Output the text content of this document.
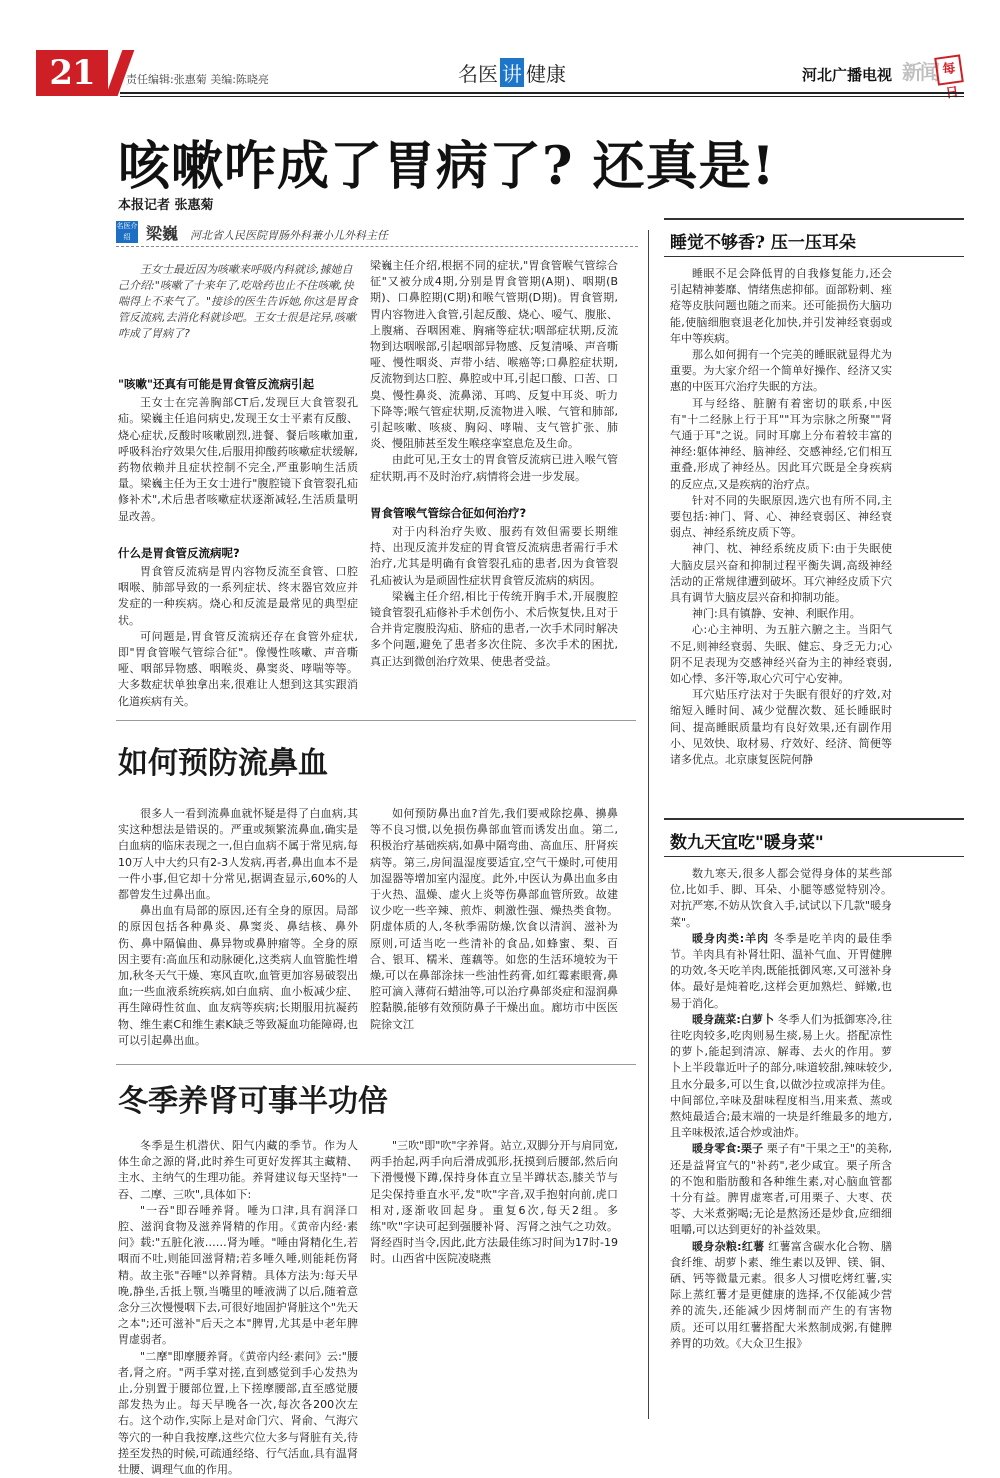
21	责任编辑:张惠菊 美编:陈晓亮	名医 讲 健康	河北广播电视 新闻 每日
咳嗽咋成了胃病了? 还真是!
本报记者 张惠菊
名医介绍 梁巍 河北省人民医院胃肠外科兼小儿外科主任
王女士最近因为咳嗽来呼吸内科就诊,據她自己介绍:"咳嗽了十来年了,吃啥药也止不住咳嗽,快喘得上不来气了。"接诊的医生告诉她,你这是胃食管反流病,去消化科就诊吧。王女士很是诧异,咳嗽咋成了胃病了?
"咳嗽"还真有可能是胃食管反流病引起

王女士在完善胸部CT后,发现巨大食管裂孔疝。梁巍主任追问病史,发现王女士平素有反酸、烧心症状,反酸时咳嗽剧烈,进餐、餐后咳嗽加重,呼吸科治疗效果欠佳,后服用抑酸药咳嗽症状缓解,药物依赖并且症状控制不完全,严重影响生活质量。梁巍主任为王女士进行"腹腔镜下食管裂孔疝修补术",术后患者咳嗽症状逐渐减轻,生活质量明显改善。

什么是胃食管反流病呢?

胃食管反流病是胃内容物反流至食管、口腔咽喉、肺部导致的一系列症状、终末器官效应并发症的一种疾病。烧心和反流是最常见的典型症状。

可问题是,胃食管反流病还存在食管外症状,即"胃食管喉气管综合征"。像慢性咳嗽、声音嘶哑、咽部异物感、咽喉炎、鼻窦炎、哮喘等等。大多数症状单独拿出来,很难让人想到这其实跟消化道疾病有关。

梁巍主任介绍,根据不同的症状,"胃食管喉气管综合征"又被分成4期,分别是胃食管期(A期)、咽期(B期)、口鼻腔期(C期)和喉气管期(D期)。胃食管期,胃内容物进入食管,引起反酸、烧心、嗳气、腹胀、上腹痛、吞咽困难、胸痛等症状;咽部症状期,反流物到达咽喉部,引起咽部异物感、反复清嗓、声音嘶哑、慢性咽炎、声带小结、喉癌等;口鼻腔症状期,反流物到达口腔、鼻腔或中耳,引起口酸、口苦、口臭、慢性鼻炎、流鼻涕、耳鸣、反复中耳炎、听力下降等;喉气管症状期,反流物进入喉、气管和肺部,引起咳嗽、咳痰、胸闷、哮喘、支气管扩张、肺炎、慢阻肺甚至发生喉痉挛窒息危及生命。

由此可见,王女士的胃食管反流病已进入喉气管症状期,再不及时治疗,病情将会进一步发展。

胃食管喉气管综合征如何治疗?

对于内科治疗失败、服药有效但需要长期维持、出现反流并发症的胃食管反流病患者需行手术治疗,尤其是明确有食管裂孔疝的患者,因为食管裂孔疝被认为是顽固性症状胃食管反流病的病因。

梁巍主任介绍,相比于传统开胸手术,开展腹腔镜食管裂孔疝修补手术创伤小、术后恢复快,且对于合并肯定腹股沟疝、脐疝的患者,一次手术同时解决多个问题,避免了患者多次住院、多次手术的困扰,真正达到微创治疗效果、使患者受益。

如何预防流鼻血

很多人一看到流鼻血就怀疑是得了白血病,其实这种想法是错误的。严重或频繁流鼻血,确实是白血病的临床表现之一,但白血病不属于常见病,每10万人中大约只有2-3人发病,再者,鼻出血本不是一件小事,但它却十分常见,据调查显示,60%的人都曾发生过鼻出血。

鼻出血有局部的原因,还有全身的原因。局部的原因包括各种鼻炎、鼻窦炎、鼻结核、鼻外伤、鼻中隔偏曲、鼻异物或鼻肿瘤等。全身的原因主要有:高血压和动脉硬化,这类病人血管脆性增加,秋冬天气干燥、寒风直吹,血管更加容易破裂出血;一些血液系统疾病,如白血病、血小板减少症、再生障碍性贫血、血友病等疾病;长期服用抗凝药物、维生素C和维生素K缺乏等致凝血功能障碍,也可以引起鼻出血。

如何预防鼻出血?首先,我们要戒除挖鼻、擤鼻等不良习惯,以免损伤鼻部血管而诱发出血。第二,积极治疗基础疾病,如鼻中隔弯曲、高血压、肝肾疾病等。第三,房间温湿度要适宜,空气干燥时,可使用加湿器等增加室内湿度。此外,中医认为鼻出血多由于火热、温燥、虚火上炎等伤鼻部血管所致。故建议少吃一些辛辣、煎炸、刺激性强、燥热类食物。阴虚体质的人,冬秋季需防燥,饮食以清润、滋补为原则,可适当吃一些清补的食品,如蜂蜜、梨、百合、银耳、糯米、莲藕等。如您的生活环境较为干燥,可以在鼻部涂抹一些油性药膏,如红霉素眼膏,鼻腔可滴入薄荷石蜡油等,可以治疗鼻部炎症和湿润鼻腔黏膜,能够有效预防鼻子干燥出血。廊坊市中医医院徐文江

冬季养肾可事半功倍

冬季是生机潜伏、阳气内藏的季节。作为人体生命之源的肾,此时养生可更好发挥其主藏精、主水、主纳气的生理功能。养肾建议每天坚持"一吞、二摩、三吹",具体如下:

"一吞"即吞唾养肾。唾为口津,具有润泽口腔、滋润食物及滋养肾精的作用。《黄帝内经·素问》载:"五脏化液……肾为唾。"唾由肾精化生,若咽而不吐,则能回滋肾精;若多唾久唾,则能耗伤肾精。故主张"吞唾"以养肾精。具体方法为:每天早晚,静坐,舌抵上颚,当嘴里的唾液满了以后,随着意念分三次慢慢咽下去,可很好地固护肾脏这个"先天之本";还可滋补"后天之本"脾胃,尤其是中老年脾胃虚弱者。

"二摩"即摩腰养肾。《黄帝内经·素问》云:"腰者,肾之府。"两手掌对搓,直到感觉到手心发热为止,分别置于腰部位置,上下搓摩腰部,直至感觉腰部发热为止。每天早晚各一次,每次各200次左右。这个动作,实际上是对命门穴、肾俞、气海穴等穴的一种自我按摩,这些穴位大多与肾脏有关,待搓至发热的时候,可疏通经络、行气活血,具有温肾壮腰、调理气血的作用。

"三吹"即"吹"字养肾。站立,双脚分开与肩同宽,两手抬起,两手向后滑成弧形,抚摸到后腰部,然后向下滑慢慢下蹲,保持身体直立呈半蹲状态,膝关节与足尖保持垂直水平,发"吹"字音,双手抱射向前,虎口相对,逐渐收回起身。重复6次,每天2组。多练"吹"字诀可起到强腰补肾、泻肾之浊气之功效。肾经酉时当令,因此,此方法最佳练习时间为17时-19时。山西省中医院凌晓燕

睡觉不够香? 压一压耳朵

睡眠不足会降低胃的自我修复能力,还会引起精神萎靡、情绪焦虑抑郁。面部粉刺、痤疮等皮肤问题也随之而来。还可能损伤大脑功能,使脑细胞衰退老化加快,并引发神经衰弱或年中等疾病。

那么如何拥有一个完美的睡眠就显得尤为重要。为大家介绍一个简单好操作、经济又实惠的中医耳穴治疗失眠的方法。

耳与经络、脏腑有着密切的联系,中医有"十二经脉上行于耳""耳为宗脉之所聚""肾气通于耳"之说。同时耳廓上分布着较丰富的神经:躯体神经、脑神经、交感神经,它们相互重叠,形成了神经丛。因此耳穴既是全身疾病的反应点,又是疾病的治疗点。

针对不同的失眠原因,选穴也有所不同,主要包括:神门、肾、心、神经衰弱区、神经衰弱点、神经系统皮质下等。

神门、枕、神经系统皮质下:由于失眠使大脑皮层兴奋和抑制过程平衡失调,高级神经活动的正常规律遭到破坏。耳穴神经皮质下穴具有调节大脑皮层兴奋和抑制功能。

神门:具有镇静、安神、利眠作用。

心:心主神明、为五脏六腑之主。当阳气不足,则神经衰弱、失眠、健忘、身乏无力;心阴不足表现为交感神经兴奋为主的神经衰弱,如心悸、多汗等,取心穴可宁心安神。

耳穴贴压疗法对于失眠有很好的疗效,对缩短入睡时间、减少觉醒次数、延长睡眠时间、提高睡眠质量均有良好效果,还有副作用小、见效快、取材易、疗效好、经济、简便等诸多优点。北京康复医院何静

数九天宜吃"暖身菜"

数九寒天,很多人都会觉得身体的某些部位,比如手、脚、耳朵、小腿等感觉特别冷。对抗严寒,不妨从饮食入手,试试以下几款"暖身菜"。

暖身肉类:羊肉 冬季是吃羊肉的最佳季节。羊肉具有补肾壮阳、温补气血、开胃健脾的功效,冬天吃羊肉,既能抵御风寒,又可滋补身体。最好是炖着吃,这样会更加熟烂、鲜嫩,也易于消化。

暖身蔬菜:白萝卜 冬季人们为抵御寒冷,往往吃肉较多,吃肉则易生痰,易上火。搭配凉性的萝卜,能起到清凉、解毒、去火的作用。萝卜上半段靠近叶子的部分,味道较甜,辣味较少,且水分最多,可以生食,以做沙拉或凉拌为佳。中间部位,辛味及甜味程度相当,用来煮、蒸或熬炖最适合;最末端的一块是纤维最多的地方,且辛味极浓,适合炒或油炸。

暖身零食:栗子 栗子有"干果之王"的美称,还是益肾宜气的"补药",老少咸宜。栗子所含的不饱和脂肪酸和各种维生素,对心脑血管都十分有益。脾胃虚寒者,可用栗子、大枣、茯苓、大米煮粥喝;无论是熬汤还是炒食,应细细咀嚼,可以达到更好的补益效果。

暖身杂粮:红薯 红薯富含碳水化合物、膳食纤维、胡萝卜素、维生素以及钾、镁、铜、硒、钙等微量元素。很多人习惯吃烤红薯,实际上蒸红薯才是更健康的选择,不仅能减少营养的流失,还能减少因烤制而产生的有害物质。还可以用红薯搭配大米熬制成粥,有健脾养胃的功效。《大众卫生报》
